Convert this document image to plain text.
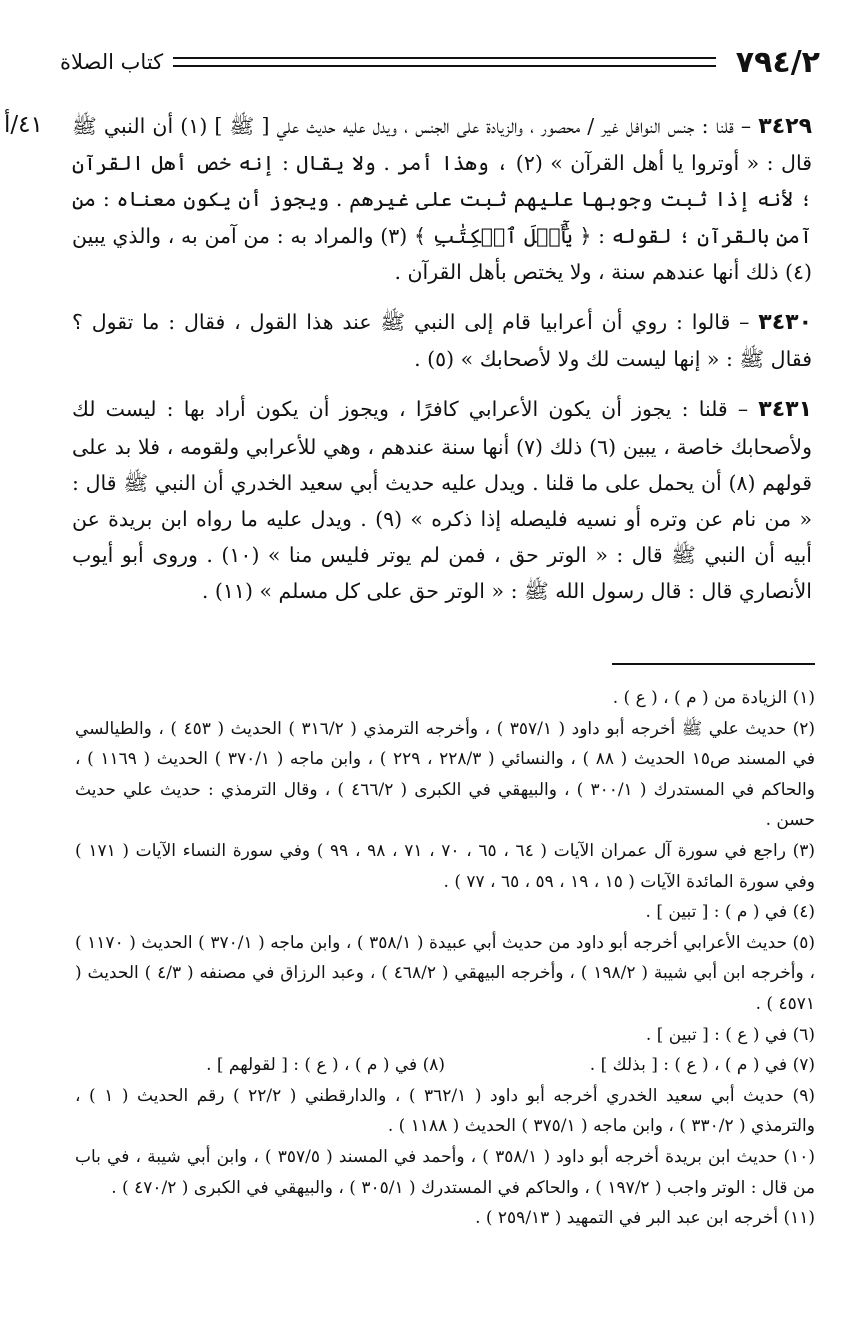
٧٩٤/٢
كتاب الصلاة
٤١/أ	٣٤٢٩ – قلنا : جنس النوافل غير / محصور ، والزيادة على الجنس ، ويدل عليه حديث علي [ ﷺ ] (١) أن النبي ﷺ قال : « أوتروا يا أهل القرآن » (٢) ، وهذا أمر . ولا يقال : إنه خص أهل القرآن ؛ لأنه إذا ثبت وجوبها عليهم ثبت على غيرهم . ويجوز أن يكون معناه : من آمن بالقرآن ؛ لقوله : ﴿ يَٰٓأَهۡلَ ٱلۡكِتَٰبِ ﴾ (٣) والمراد به : من آمن به ، والذي يبين (٤) ذلك أنها عندهم سنة ، ولا يختص بأهل القرآن .

٣٤٣٠ – قالوا : روي أن أعرابيا قام إلى النبي ﷺ عند هذا القول ، فقال : ما تقول ؟ فقال ﷺ : « إنها ليست لك ولا لأصحابك » (٥) .

٣٤٣١ – قلنا : يجوز أن يكون الأعرابي كافرًا ، ويجوز أن يكون أراد بها : ليست لك ولأصحابك خاصة ، يبين (٦) ذلك (٧) أنها سنة عندهم ، وهي للأعرابي ولقومه ، فلا بد على قولهم (٨) أن يحمل على ما قلنا . ويدل عليه حديث أبي سعيد الخدري أن النبي ﷺ قال : « من نام عن وتره أو نسيه فليصله إذا ذكره » (٩) . ويدل عليه ما رواه ابن بريدة عن أبيه أن النبي ﷺ قال : « الوتر حق ، فمن لم يوتر فليس منا » (١٠) . وروى أبو أيوب الأنصاري قال : قال رسول الله ﷺ : « الوتر حق على كل مسلم » (١١) .

(١) الزيادة من ( م ) ، ( ع ) .

(٢) حديث علي ﷺ أخرجه أبو داود ( ٣٥٧/١ ) ، وأخرجه الترمذي ( ٣١٦/٢ ) الحديث ( ٤٥٣ ) ، والطيالسي في المسند ص١٥ الحديث ( ٨٨ ) ، والنسائي ( ٢٢٨/٣ ، ٢٢٩ ) ، وابن ماجه ( ٣٧٠/١ ) الحديث ( ١١٦٩ ) ، والحاكم في المستدرك ( ٣٠٠/١ ) ، والبيهقي في الكبرى ( ٤٦٦/٢ ) ، وقال الترمذي : حديث علي حديث حسن .

(٣) راجع في سورة آل عمران الآيات ( ٦٤ ، ٦٥ ، ٧٠ ، ٧١ ، ٩٨ ، ٩٩ ) وفي سورة النساء الآيات ( ١٧١ ) وفي سورة المائدة الآيات ( ١٥ ، ١٩ ، ٥٩ ، ٦٥ ، ٧٧ ) .

(٤) في ( م ) : [ تبين ] .

(٥) حديث الأعرابي أخرجه أبو داود من حديث أبي عبيدة ( ٣٥٨/١ ) ، وابن ماجه ( ٣٧٠/١ ) الحديث ( ١١٧٠ ) ، وأخرجه ابن أبي شيبة ( ١٩٨/٢ ) ، وأخرجه البيهقي ( ٤٦٨/٢ ) ، وعبد الرزاق في مصنفه ( ٤/٣ ) الحديث ( ٤٥٧١ ) .

(٦) في ( ع ) : [ تبين ] .

(٧) في ( م ) ، ( ع ) : [ بذلك ] .

(٨) في ( م ) ، ( ع ) : [ لقولهم ] .

(٩) حديث أبي سعيد الخدري أخرجه أبو داود ( ٣٦٢/١ ) ، والدارقطني ( ٢٢/٢ ) رقم الحديث ( ١ ) ، والترمذي ( ٣٣٠/٢ ) ، وابن ماجه ( ٣٧٥/١ ) الحديث ( ١١٨٨ ) .

(١٠) حديث ابن بريدة أخرجه أبو داود ( ٣٥٨/١ ) ، وأحمد في المسند ( ٣٥٧/٥ ) ، وابن أبي شيبة ، في باب من قال : الوتر واجب ( ١٩٧/٢ ) ، والحاكم في المستدرك ( ٣٠٥/١ ) ، والبيهقي في الكبرى ( ٤٧٠/٢ ) .

(١١) أخرجه ابن عبد البر في التمهيد ( ٢٥٩/١٣ ) .
